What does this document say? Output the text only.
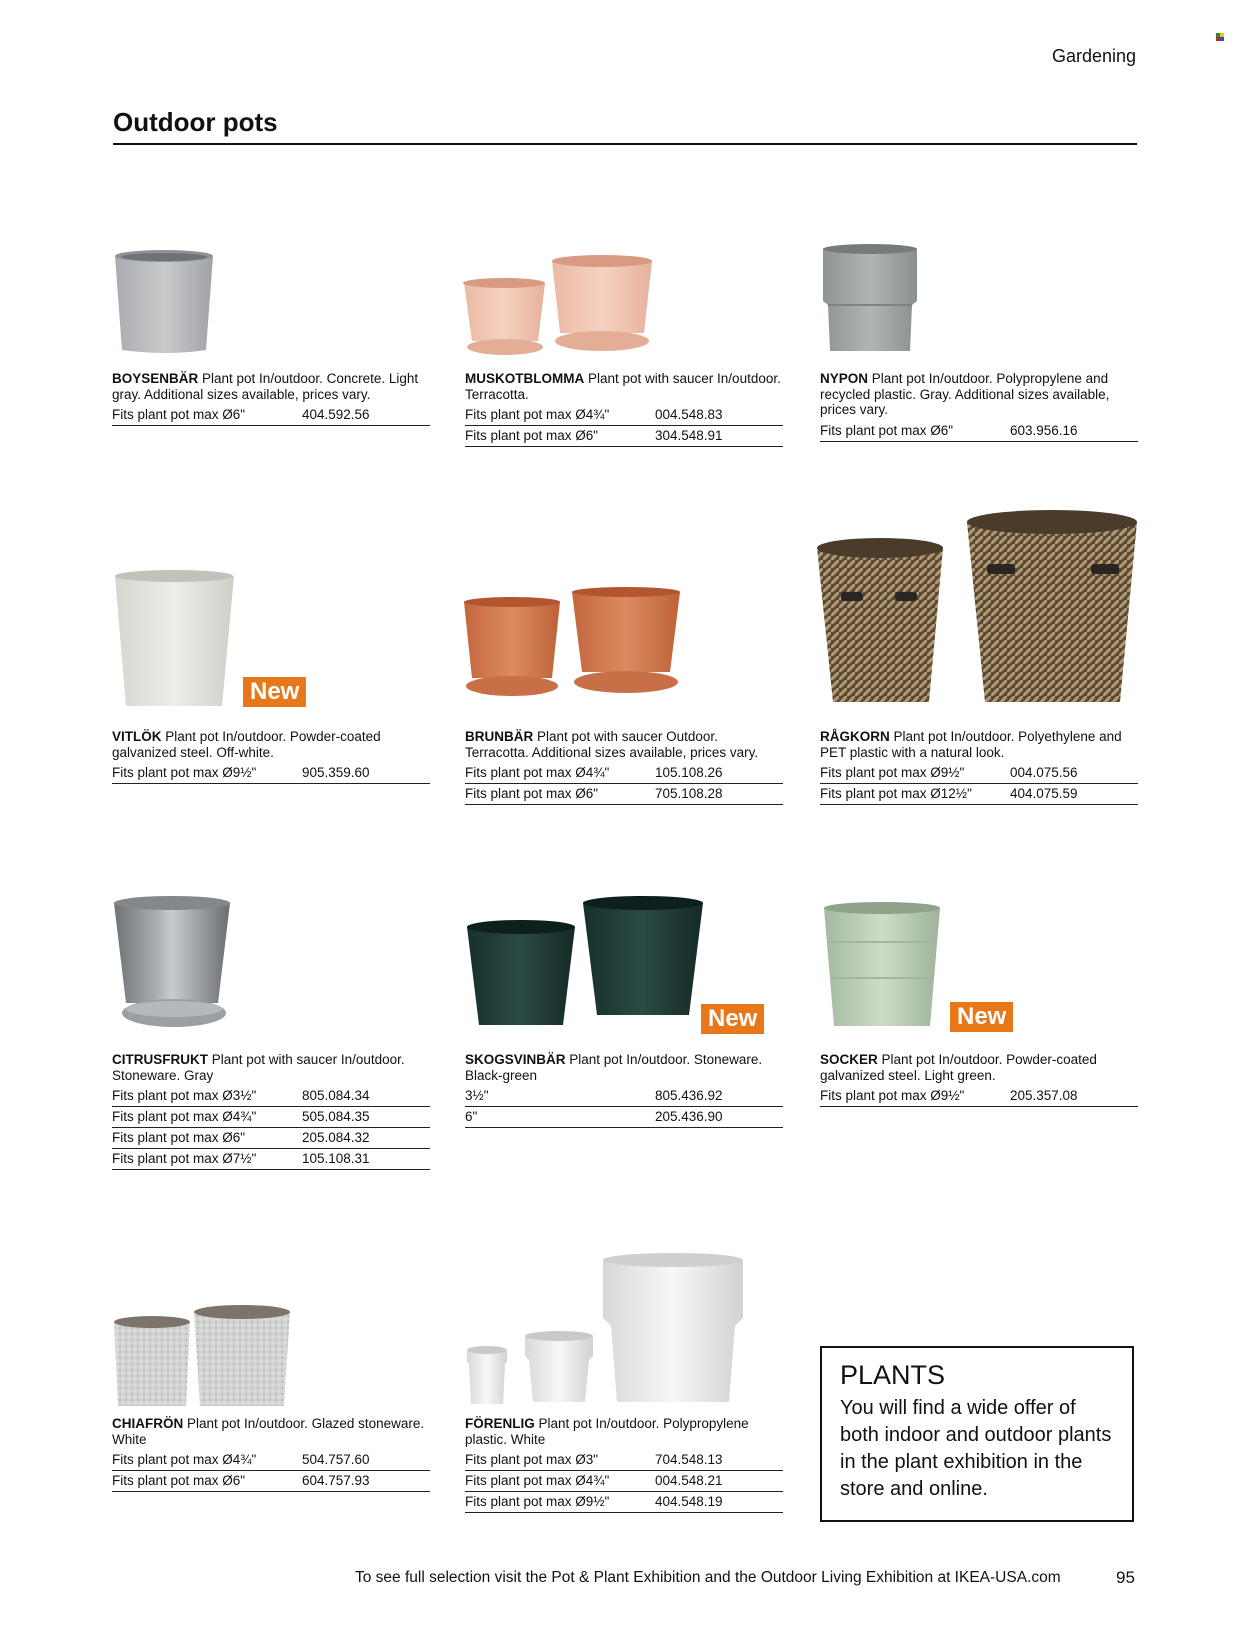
Gardening
Outdoor pots
New
New	New
BOYSENBÄR Plant pot In/outdoor. Concrete. Light gray. Additional sizes available, prices vary.
Fits plant pot max Ø6"	404.592.56
MUSKOTBLOMMA Plant pot with saucer In/outdoor. Terracotta.
Fits plant pot max Ø4¾"	004.548.83
Fits plant pot max Ø6"	304.548.91
NYPON Plant pot In/outdoor. Polypropylene and recycled plastic. Gray. Additional sizes available, prices vary.
Fits plant pot max Ø6"	603.956.16
VITLÖK Plant pot In/outdoor. Powder-coated galvanized steel. Off-white.
Fits plant pot max Ø9½"	905.359.60
BRUNBÄR Plant pot with saucer Outdoor. Terracotta. Additional sizes available, prices vary.
Fits plant pot max Ø4¾"	105.108.26
Fits plant pot max Ø6"	705.108.28
RÅGKORN Plant pot In/outdoor. Polyethylene and PET plastic with a natural look.
Fits plant pot max Ø9½"	004.075.56
Fits plant pot max Ø12½"	404.075.59
CITRUSFRUKT Plant pot with saucer In/outdoor. Stoneware. Gray
Fits plant pot max Ø3½"	805.084.34
Fits plant pot max Ø4¾"	505.084.35
Fits plant pot max Ø6"	205.084.32
Fits plant pot max Ø7½"	105.108.31
SKOGSVINBÄR Plant pot In/outdoor. Stoneware. Black-green
3½"	805.436.92
6"	205.436.90
SOCKER Plant pot In/outdoor. Powder-coated galvanized steel. Light green.
Fits plant pot max Ø9½"	205.357.08
CHIAFRÖN Plant pot In/outdoor. Glazed stoneware. White
Fits plant pot max Ø4¾"	504.757.60
Fits plant pot max Ø6"	604.757.93
FÖRENLIG Plant pot In/outdoor. Polypropylene plastic. White
Fits plant pot max Ø3"	704.548.13
Fits plant pot max Ø4¾"	004.548.21
Fits plant pot max Ø9½"	404.548.19
PLANTS
You will find a wide offer of both indoor and outdoor plants in the plant exhibition in the store and online.
To see full selection visit the Pot & Plant Exhibition and the Outdoor Living Exhibition at IKEA-USA.com	95
